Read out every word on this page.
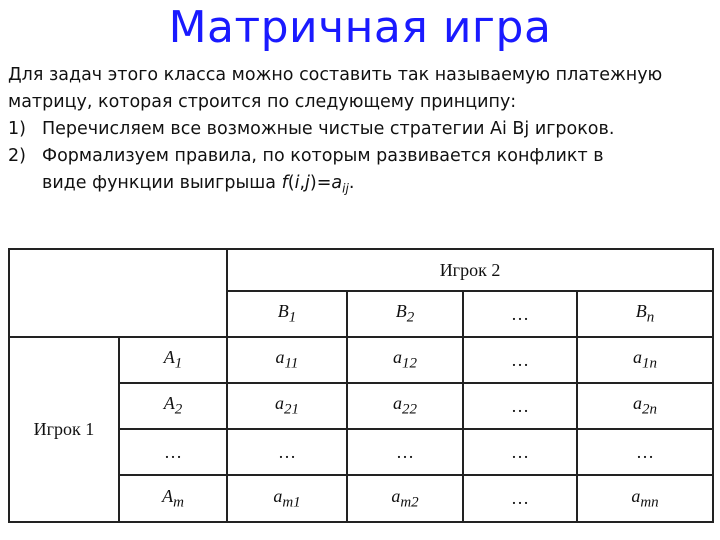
Матричная игра
Для задач этого класса можно составить так называемую платежную
матрицу, которая строится по следующему принципу:
1) Перечисляем все возможные чистые стратегии Ai Bj игроков.
2) Формализуем правила, по которым развивается конфликт в
виде функции выигрыша $f(i,j)=a_{ij}$.
		Игрок 2			
		$B_1$	$B_2$	…	$B_n$
Игрок 1	$A_1$	$a_{11}$	$a_{12}$	…	$a_{1n}$
	$A_2$	$a_{21}$	$a_{22}$	…	$a_{2n}$
	…	…	…	…	…
	$A_m$	$a_{m1}$	$a_{m2}$	…	$a_{mn}$
